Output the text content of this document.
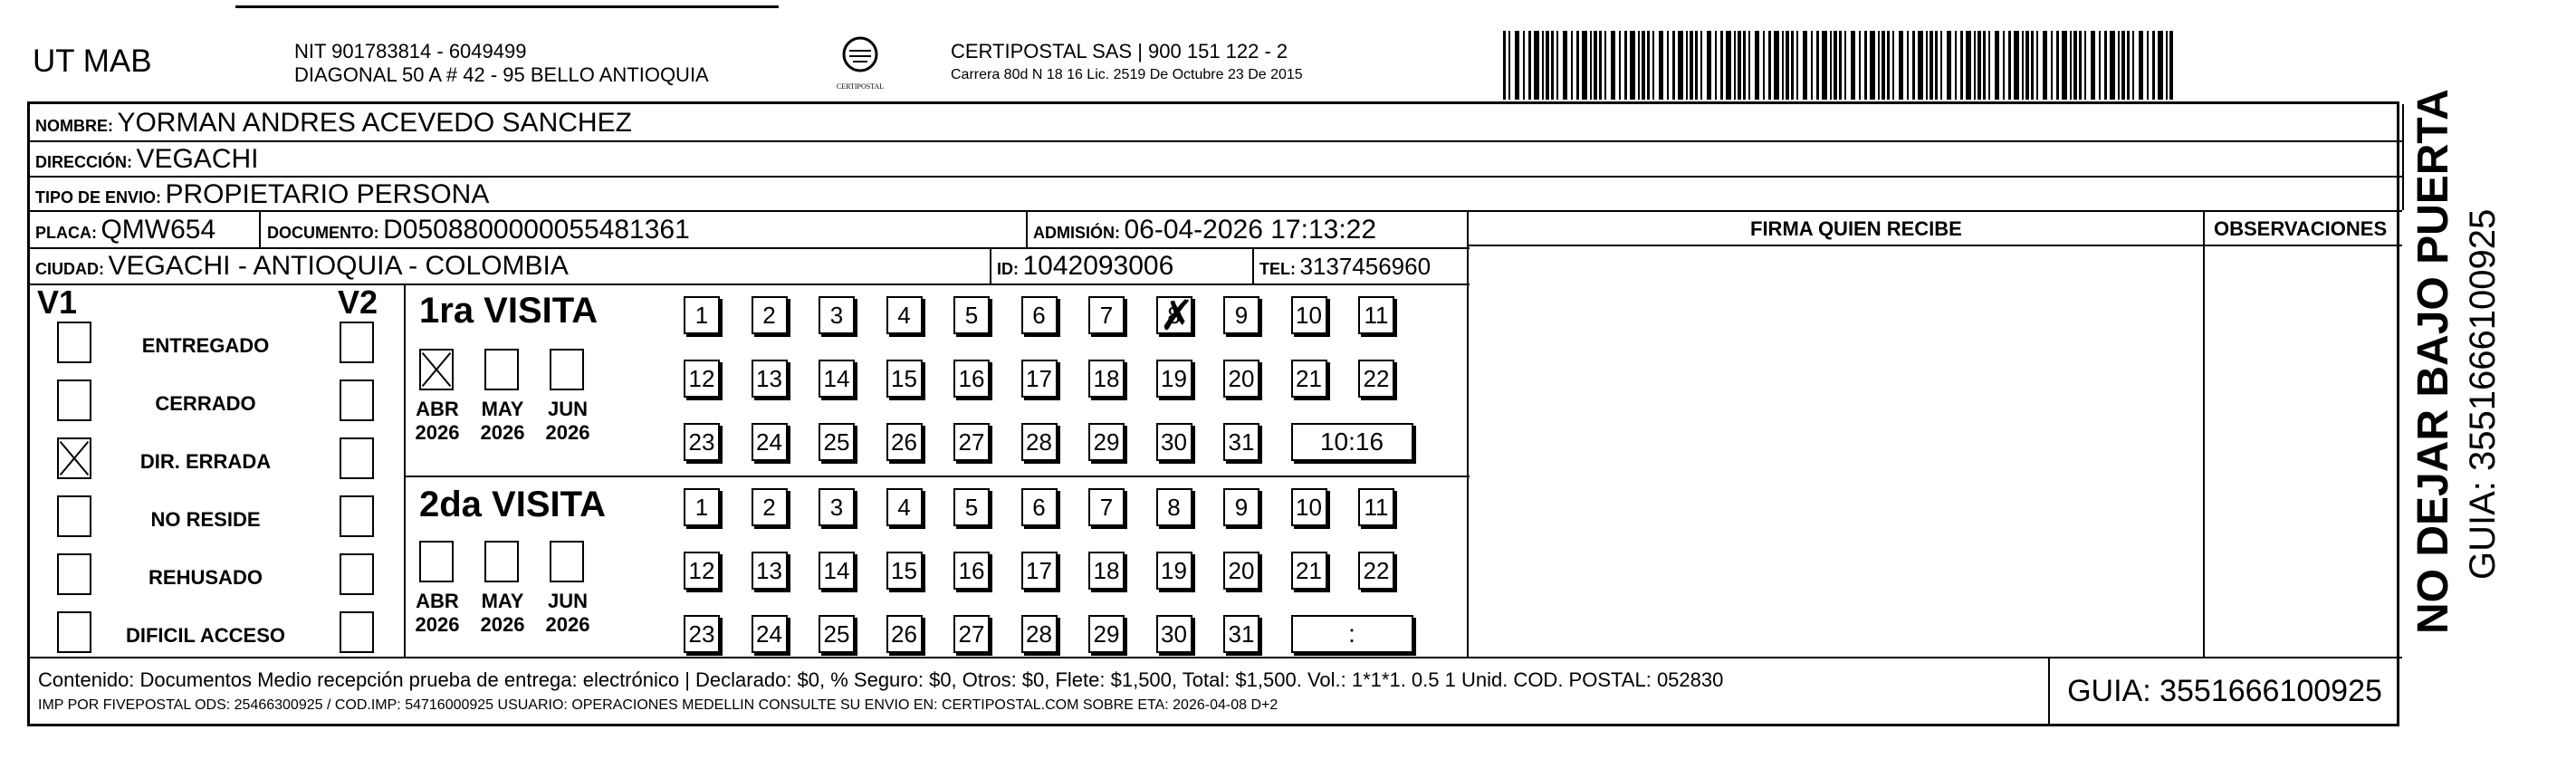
UT MAB	NIT 901783814 - 6049499
DIAGONAL 50 A # 42 - 95 BELLO ANTIOQUIA
CERTIPOSTAL
CERTIPOSTAL SAS | 900 151 122 - 2
Carrera 80d N 18 16 Lic. 2519 De Octubre 23 De 2015
NOMBRE: YORMAN ANDRES ACEVEDO SANCHEZ
DIRECCIÓN: VEGACHI
TIPO DE ENVIO: PROPIETARIO PERSONA
FIRMA QUIEN RECIBE	OBSERVACIONES
PLACA: QMW654	DOCUMENTO: D0508800000055481361	ADMISIÓN: 06-04-2026 17:13:22
CIUDAD: VEGACHI - ANTIOQUIA - COLOMBIA	ID: 1042093006	TEL: 3137456960
V1	V2
ENTREGADO
CERRADO
DIR. ERRADA
NO RESIDE
REHUSADO
DIFICIL ACCESO
1ra VISITA
ABR
2026
MAY
2026
JUN
2026
1	2	3	4	5	6	7	8 ✗	9	10 11
12 13 14 15 16 17 18 19 20 21 22
23 24 25 26 27 28 29 30 31	10:16
2da VISITA
ABR
2026
MAY
2026
JUN
2026
1	2	3	4	5	6	7	8	9	10 11
12 13 14 15 16 17 18 19 20 21 22
23 24 25 26 27 28 29 30 31	:	NO DEJAR BAJO PUERTA GUIA: 3551666100925
Contenido: Documentos Medio recepción prueba de entrega: electrónico | Declarado: $0, % Seguro: $0, Otros: $0, Flete: $1,500, Total: $1,500. Vol.: 1*1*1. 0.5 1 Unid. COD. POSTAL: 052830
IMP POR FIVEPOSTAL ODS: 25466300925 / COD.IMP: 54716000925 USUARIO: OPERACIONES MEDELLIN CONSULTE SU ENVIO EN: CERTIPOSTAL.COM SOBRE ETA: 2026-04-08 D+2	GUIA: 3551666100925
